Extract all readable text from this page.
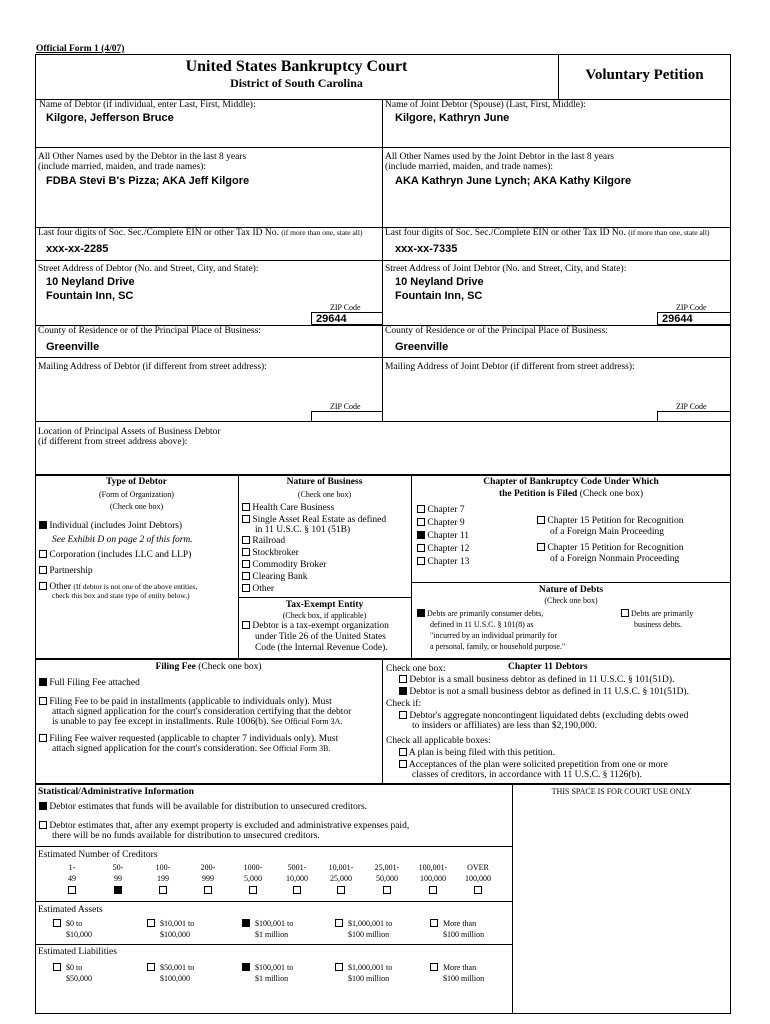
Official Form 1 (4/07)
United States Bankruptcy Court
District of South Carolina	Voluntary Petition
Name of Debtor (if individual, enter Last, First, Middle):
Kilgore, Jefferson Bruce
All Other Names used by the Debtor in the last 8 years
(include married, maiden, and trade names):
FDBA Stevi B's Pizza; AKA Jeff Kilgore
Last four digits of Soc. Sec./Complete EIN or other Tax ID No. (if more than one, state all)
xxx-xx-2285
Street Address of Debtor (No. and Street, City, and State):
10 Neyland Drive
Fountain Inn, SC
ZIP Code
29644
County of Residence or of the Principal Place of Business:
Greenville
Mailing Address of Debtor (if different from street address):
ZIP Code
Name of Joint Debtor (Spouse) (Last, First, Middle):
Kilgore, Kathryn June
All Other Names used by the Joint Debtor in the last 8 years
(include married, maiden, and trade names):
AKA Kathryn June Lynch; AKA Kathy Kilgore
Last four digits of Soc. Sec./Complete EIN or other Tax ID No. (if more than one, state all)
xxx-xx-7335
Street Address of Joint Debtor (No. and Street, City, and State):
10 Neyland Drive
Fountain Inn, SC
ZIP Code
29644
County of Residence or of the Principal Place of Business:
Greenville
Mailing Address of Joint Debtor (if different from street address):
ZIP Code
Location of Principal Assets of Business Debtor
(if different from street address above):
Type of Debtor
(Form of Organization)
(Check one box)
Individual (includes Joint Debtors)
See Exhibit D on page 2 of this form.
Corporation (includes LLC and LLP)
Partnership
Other (If debtor is not one of the above entities,
check this box and state type of entity below.)
Nature of Business
(Check one box)
Health Care Business
Single Asset Real Estate as defined
in 11 U.S.C. § 101 (51B)
Railroad
Stockbroker
Commodity Broker
Clearing Bank
Other
Tax-Exempt Entity
(Check box, if applicable)
Debtor is a tax-exempt organization
under Title 26 of the United States
Code (the Internal Revenue Code).
Chapter of Bankruptcy Code Under Which
the Petition is Filed (Check one box)
Chapter 7
Chapter 9
Chapter 11
Chapter 12
Chapter 13
Chapter 15 Petition for Recognition
of a Foreign Main Proceeding
Chapter 15 Petition for Recognition
of a Foreign Nonmain Proceeding
Nature of Debts
(Check one box)
Debts are primarily consumer debts,
defined in 11 U.S.C. § 101(8) as
"incurred by an individual primarily for
a personal, family, or household purpose."
Debts are primarily
business debts.
Filing Fee (Check one box)
Full Filing Fee attached
Filing Fee to be paid in installments (applicable to individuals only). Must
attach signed application for the court's consideration certifying that the debtor
is unable to pay fee except in installments. Rule 1006(b). See Official Form 3A.
Filing Fee waiver requested (applicable to chapter 7 individuals only). Must
attach signed application for the court's consideration. See Official Form 3B.
Check one box:	Chapter 11 Debtors
Debtor is a small business debtor as defined in 11 U.S.C. § 101(51D).
Debtor is not a small business debtor as defined in 11 U.S.C. § 101(51D).
Check if:
Debtor's aggregate noncontingent liquidated debts (excluding debts owed
to insiders or affiliates) are less than $2,190,000.
Check all applicable boxes:
A plan is being filed with this petition.
Acceptances of the plan were solicited prepetition from one or more
classes of creditors, in accordance with 11 U.S.C. § 1126(b).
Statistical/Administrative Information	THIS SPACE IS FOR COURT USE ONLY
Debtor estimates that funds will be available for distribution to unsecured creditors.
Debtor estimates that, after any exempt property is excluded and administrative expenses paid,
there will be no funds available for distribution to unsecured creditors.
Estimated Number of Creditors
1-
49
50-
99
100-
199
200-
999
1000-
5,000
5001-
10,000
10,001-
25,000
25,001-
50,000
100,001-
100,000
OVER
100,000
Estimated Assets
$0 to
$10,000
$10,001 to
$100,000
$100,001 to
$1 million
$1,000,001 to
$100 million
More than
$100 million
Estimated Liabilities
$0 to
$50,000
$50,001 to
$100,000
$100,001 to
$1 million
$1,000,001 to
$100 million
More than
$100 million
